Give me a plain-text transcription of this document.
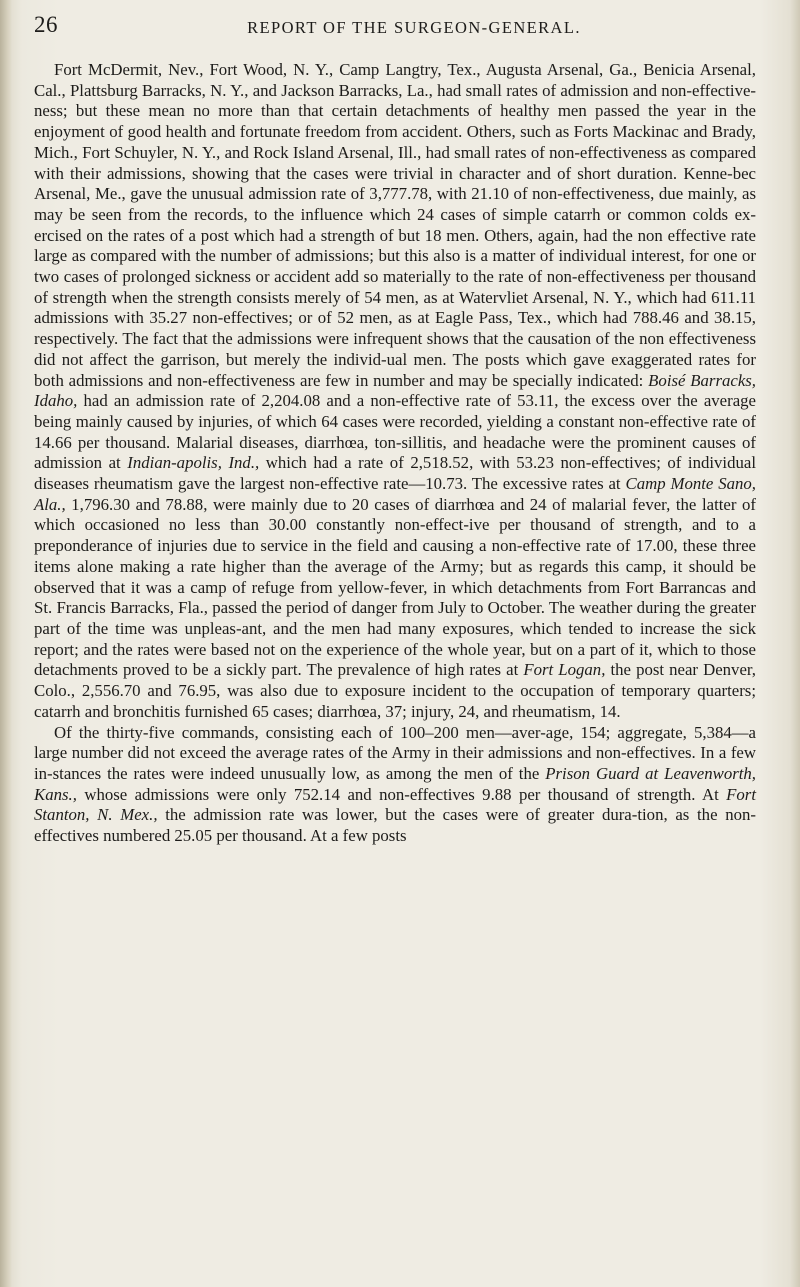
26	REPORT OF THE SURGEON-GENERAL.

Fort McDermit, Nev., Fort Wood, N. Y., Camp Langtry, Tex., Augusta Arsenal, Ga., Benicia Arsenal, Cal., Plattsburg Barracks, N. Y., and Jackson Barracks, La., had small rates of admission and non-effective-ness; but these mean no more than that certain detachments of healthy men passed the year in the enjoyment of good health and fortunate freedom from accident. Others, such as Forts Mackinac and Brady, Mich., Fort Schuyler, N. Y., and Rock Island Arsenal, Ill., had small rates of non-effectiveness as compared with their admissions, showing that the cases were trivial in character and of short duration. Kenne-bec Arsenal, Me., gave the unusual admission rate of 3,777.78, with 21.10 of non-effectiveness, due mainly, as may be seen from the records, to the influence which 24 cases of simple catarrh or common colds ex-ercised on the rates of a post which had a strength of but 18 men. Others, again, had the non effective rate large as compared with the number of admissions; but this also is a matter of individual interest, for one or two cases of prolonged sickness or accident add so materially to the rate of non-effectiveness per thousand of strength when the strength consists merely of 54 men, as at Watervliet Arsenal, N. Y., which had 611.11 admissions with 35.27 non-effectives; or of 52 men, as at Eagle Pass, Tex., which had 788.46 and 38.15, respectively. The fact that the admissions were infrequent shows that the causation of the non effectiveness did not affect the garrison, but merely the individ-ual men. The posts which gave exaggerated rates for both admissions and non-effectiveness are few in number and may be specially indicated: Boisé Barracks, Idaho, had an admission rate of 2,204.08 and a non-effective rate of 53.11, the excess over the average being mainly caused by injuries, of which 64 cases were recorded, yielding a constant non-effective rate of 14.66 per thousand. Malarial diseases, diarrhœa, ton-sillitis, and headache were the prominent causes of admission at Indian-apolis, Ind., which had a rate of 2,518.52, with 53.23 non-effectives; of individual diseases rheumatism gave the largest non-effective rate—10.73. The excessive rates at Camp Monte Sano, Ala., 1,796.30 and 78.88, were mainly due to 20 cases of diarrhœa and 24 of malarial fever, the latter of which occasioned no less than 30.00 constantly non-effect-ive per thousand of strength, and to a preponderance of injuries due to service in the field and causing a non-effective rate of 17.00, these three items alone making a rate higher than the average of the Army; but as regards this camp, it should be observed that it was a camp of refuge from yellow-fever, in which detachments from Fort Barrancas and St. Francis Barracks, Fla., passed the period of danger from July to October. The weather during the greater part of the time was unpleas-ant, and the men had many exposures, which tended to increase the sick report; and the rates were based not on the experience of the whole year, but on a part of it, which to those detachments proved to be a sickly part. The prevalence of high rates at Fort Logan, the post near Denver, Colo., 2,556.70 and 76.95, was also due to exposure incident to the occupation of temporary quarters; catarrh and bronchitis furnished 65 cases; diarrhœa, 37; injury, 24, and rheumatism, 14.

Of the thirty-five commands, consisting each of 100–200 men—aver-age, 154; aggregate, 5,384—a large number did not exceed the average rates of the Army in their admissions and non-effectives. In a few in-stances the rates were indeed unusually low, as among the men of the Prison Guard at Leavenworth, Kans., whose admissions were only 752.14 and non-effectives 9.88 per thousand of strength. At Fort Stanton, N. Mex., the admission rate was lower, but the cases were of greater dura-tion, as the non-effectives numbered 25.05 per thousand. At a few posts
